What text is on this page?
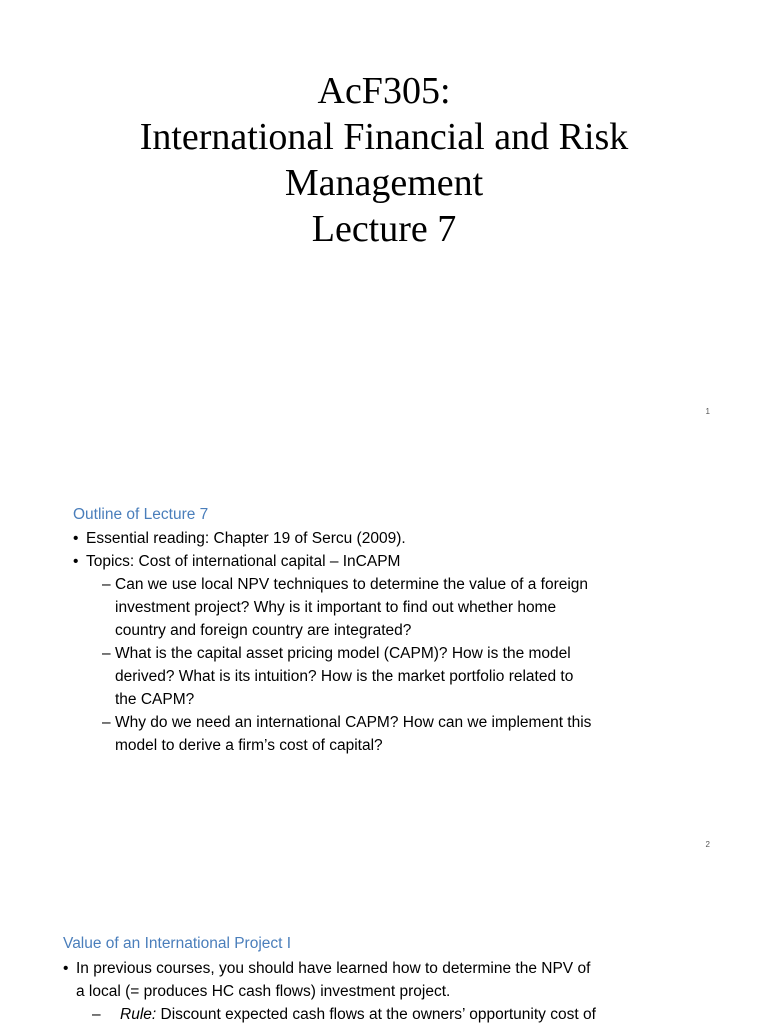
AcF305:
International Financial and Risk
Management
Lecture 7
1
Outline of Lecture 7
• Essential reading: Chapter 19 of Sercu (2009).
• Topics: Cost of international capital – InCAPM
– Can we use local NPV techniques to determine the value of a foreign
investment project? Why is it important to find out whether home
country and foreign country are integrated?
– What is the capital asset pricing model (CAPM)? How is the model
derived? What is its intuition? How is the market portfolio related to
the CAPM?
– Why do we need an international CAPM? How can we implement this
model to derive a firm’s cost of capital?
2
Value of an International Project I
• In previous courses, you should have learned how to determine the NPV of
a local (= produces HC cash flows) investment project.
– Rule: Discount expected cash flows at the owners’ opportunity cost of
